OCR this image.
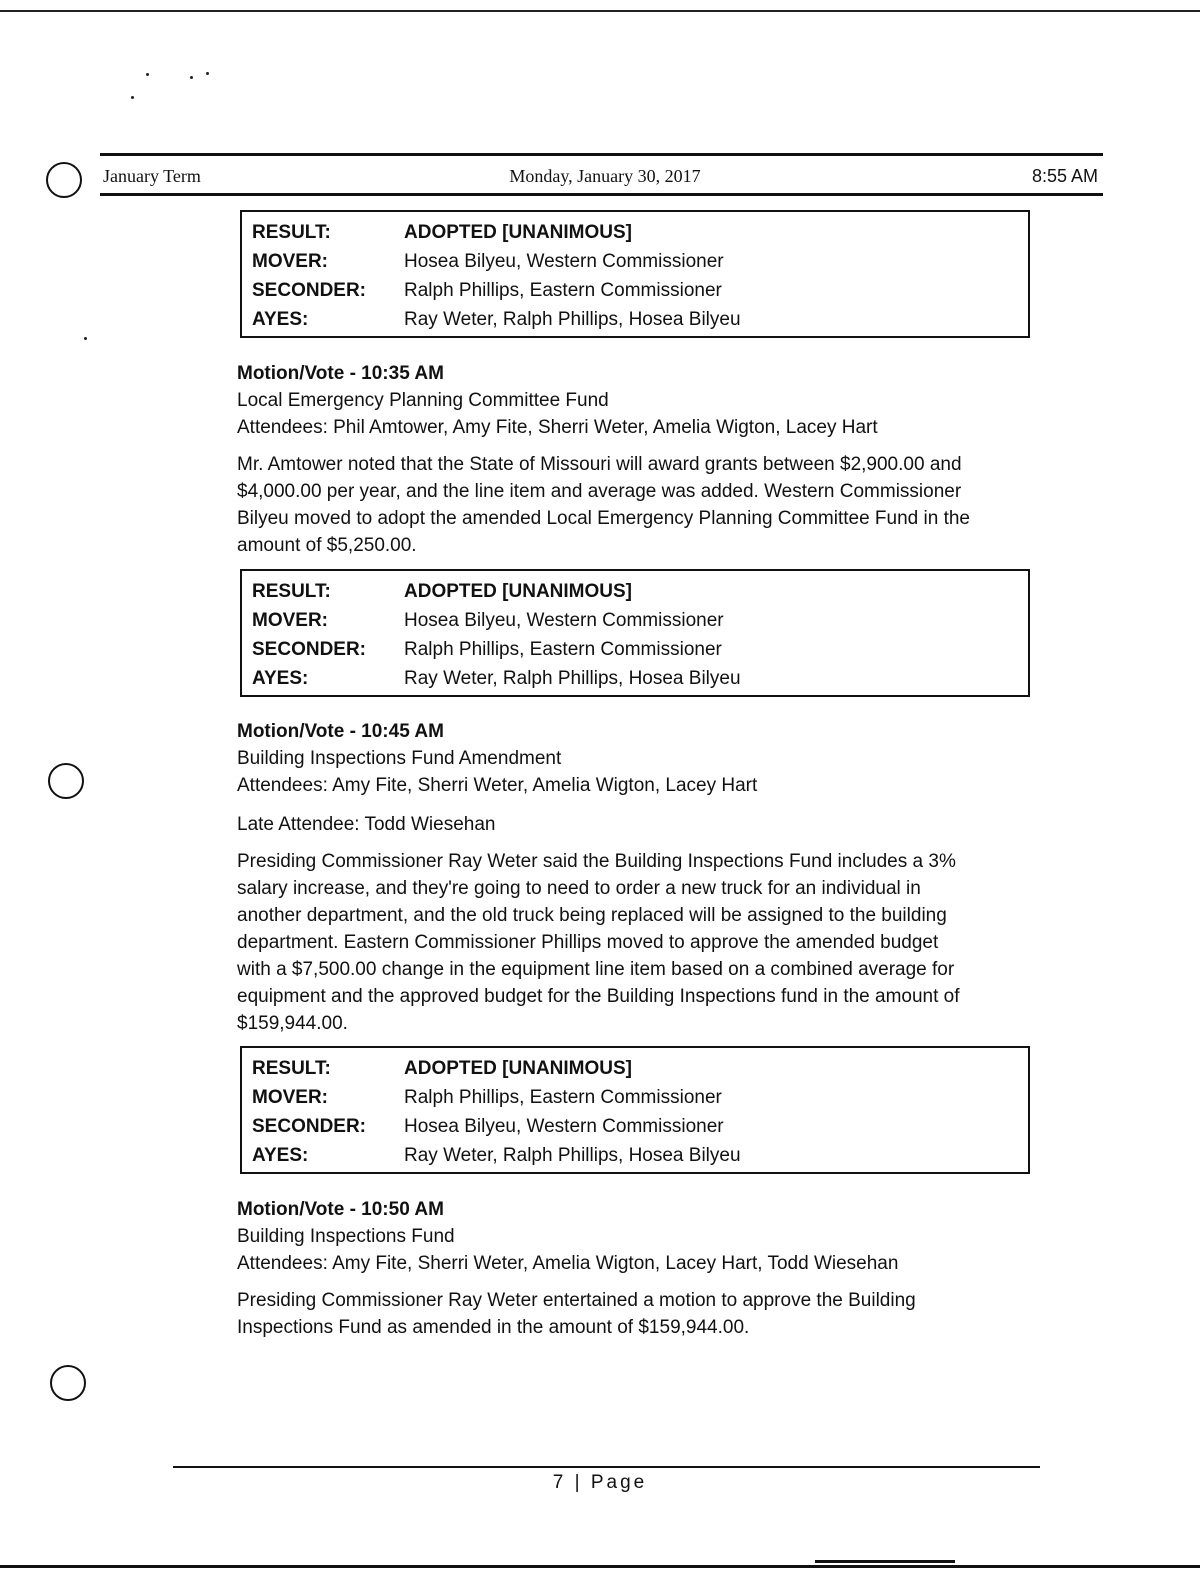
January Term	Monday, January 30, 2017	8:55 AM
RESULT:	ADOPTED [UNANIMOUS]
MOVER:	Hosea Bilyeu, Western Commissioner
SECONDER:	Ralph Phillips, Eastern Commissioner
AYES:	Ray Weter, Ralph Phillips, Hosea Bilyeu
Motion/Vote - 10:35 AM
Local Emergency Planning Committee Fund
Attendees: Phil Amtower, Amy Fite, Sherri Weter, Amelia Wigton, Lacey Hart
Mr. Amtower noted that the State of Missouri will award grants between $2,900.00 and
$4,000.00 per year, and the line item and average was added. Western Commissioner
Bilyeu moved to adopt the amended Local Emergency Planning Committee Fund in the
amount of $5,250.00.
RESULT:	ADOPTED [UNANIMOUS]
MOVER:	Hosea Bilyeu, Western Commissioner
SECONDER:	Ralph Phillips, Eastern Commissioner
AYES:	Ray Weter, Ralph Phillips, Hosea Bilyeu
Motion/Vote - 10:45 AM
Building Inspections Fund Amendment
Attendees: Amy Fite, Sherri Weter, Amelia Wigton, Lacey Hart
Late Attendee: Todd Wiesehan
Presiding Commissioner Ray Weter said the Building Inspections Fund includes a 3%
salary increase, and they're going to need to order a new truck for an individual in
another department, and the old truck being replaced will be assigned to the building
department. Eastern Commissioner Phillips moved to approve the amended budget
with a $7,500.00 change in the equipment line item based on a combined average for
equipment and the approved budget for the Building Inspections fund in the amount of
$159,944.00.
RESULT:	ADOPTED [UNANIMOUS]
MOVER:	Ralph Phillips, Eastern Commissioner
SECONDER:	Hosea Bilyeu, Western Commissioner
AYES:	Ray Weter, Ralph Phillips, Hosea Bilyeu
Motion/Vote - 10:50 AM
Building Inspections Fund
Attendees: Amy Fite, Sherri Weter, Amelia Wigton, Lacey Hart, Todd Wiesehan
Presiding Commissioner Ray Weter entertained a motion to approve the Building
Inspections Fund as amended in the amount of $159,944.00.
7 | Page
